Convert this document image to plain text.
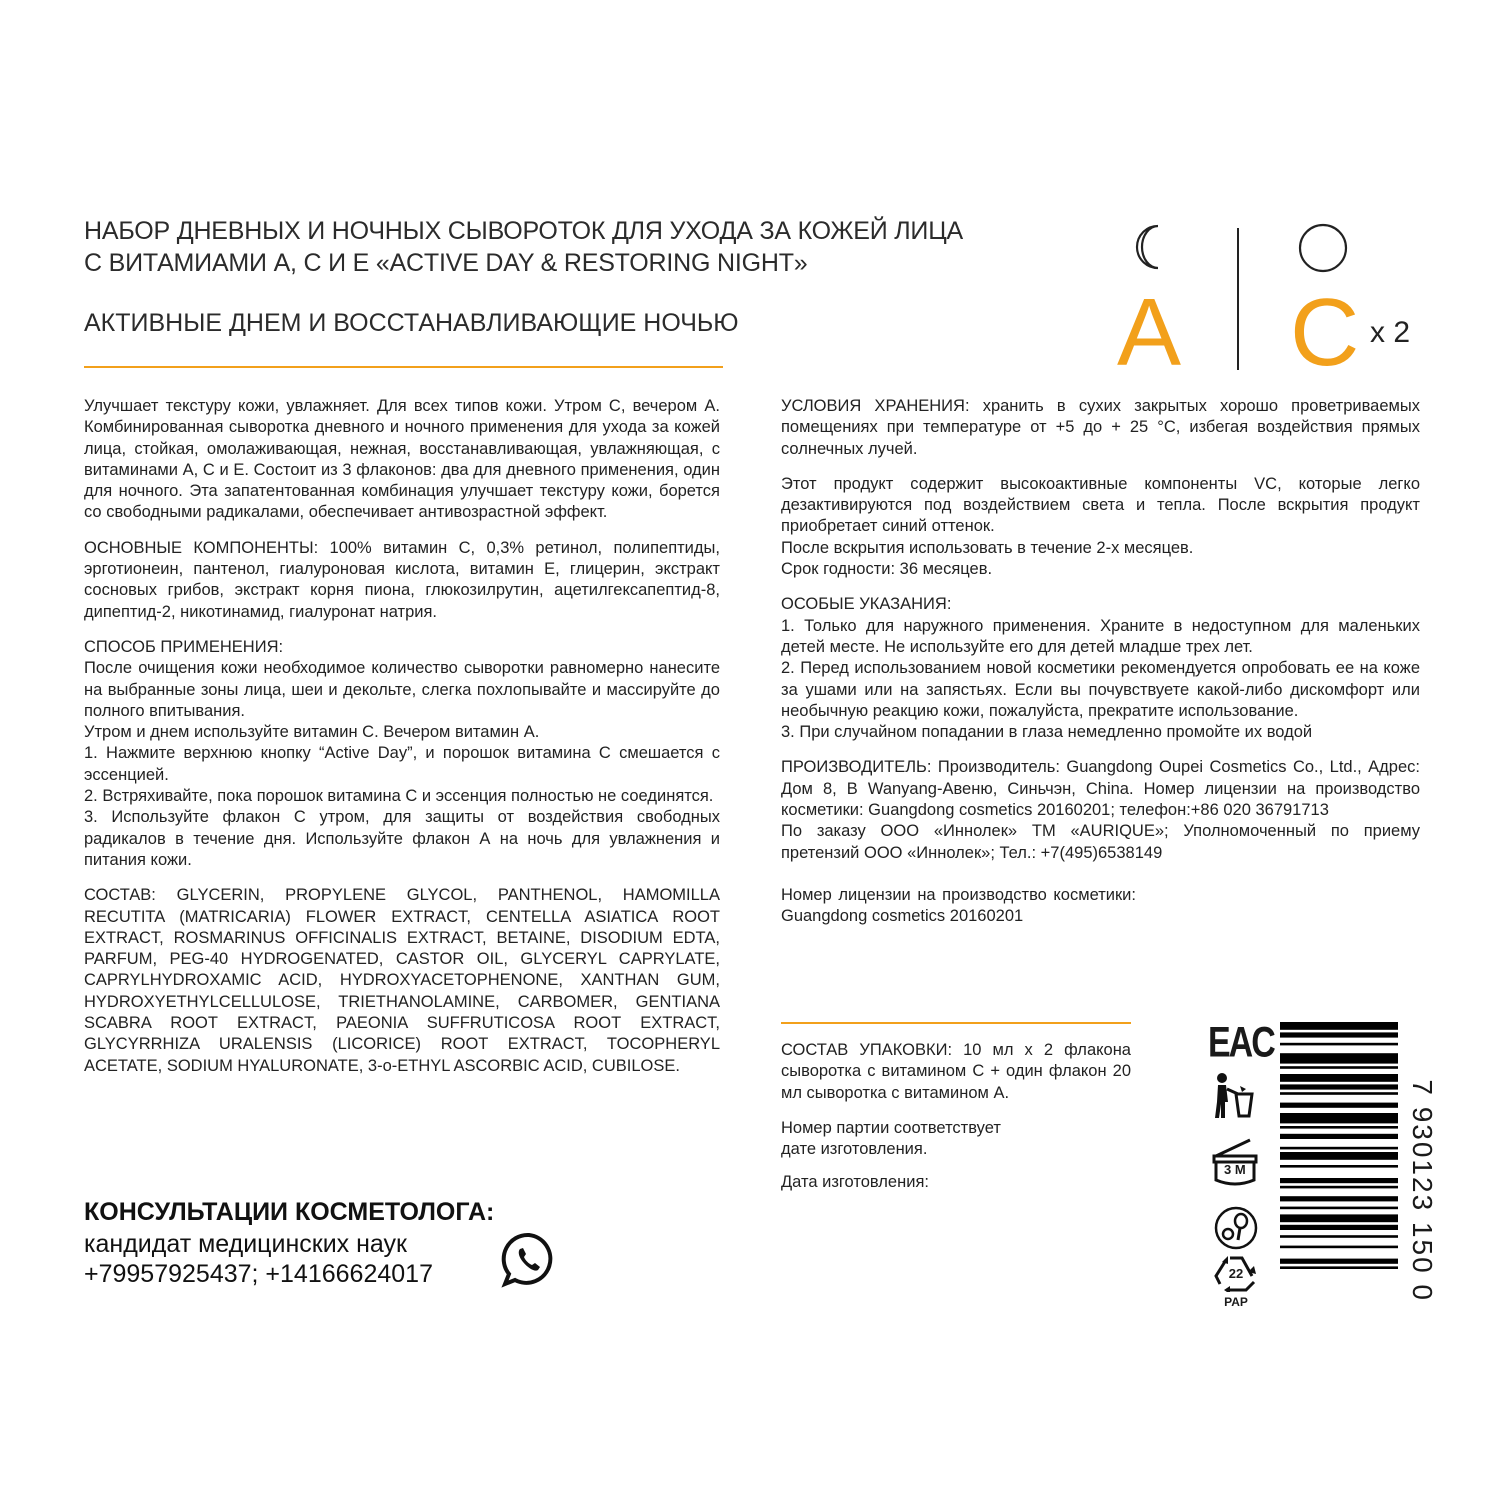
НАБОР ДНЕВНЫХ И НОЧНЫХ СЫВОРОТОК ДЛЯ УХОДА ЗА КОЖЕЙ ЛИЦА
С ВИТАМИАМИ А, С И Е «ACTIVE DAY & RESTORING NIGHT»
АКТИВНЫЕ ДНЕМ И ВОССТАНАВЛИВАЮЩИЕ НОЧЬЮ	A C x 2

Улучшает текстуру кожи, увлажняет. Для всех типов кожи. Утром С, вечером А. Комбинированная сыворотка дневного и ночного применения для ухода за кожей лица, стойкая, омолаживающая, нежная, восстанавливающая, увлажняющая, с витаминами А, С и Е. Состоит из 3 флаконов: два для дневного применения, один для ночного. Эта запатентованная комбинация улучшает текстуру кожи, борется со свободными радикалами, обеспечивает антивозрастной эффект.

ОСНОВНЫЕ КОМПОНЕНТЫ: 100% витамин С, 0,3% ретинол, полипептиды, эрготионеин, пантенол, гиалуроновая кислота, витамин Е, глицерин, экстракт сосновых грибов, экстракт корня пиона, глюкозилрутин, ацетилгексапептид-8, дипептид-2, никотинамид, гиалуронат натрия.

СПОСОБ ПРИМЕНЕНИЯ:
После очищения кожи необходимое количество сыворотки равномерно нанесите на выбранные зоны лица, шеи и декольте, слегка похлопывайте и массируйте до полного впитывания.
Утром и днем используйте витамин С. Вечером витамин А.
1. Нажмите верхнюю кнопку “Active Day”, и порошок витамина С смешается с эссенцией.
2. Встряхивайте, пока порошок витамина С и эссенция полностью не соединятся.
3. Используйте флакон С утром, для защиты от воздействия свободных радикалов в течение дня. Используйте флакон А на ночь для увлажнения и питания кожи.

СОСТАВ: GLYCERIN, PROPYLENE GLYCOL, PANTHENOL, HAMOMILLA RECUTITA (MATRICARIA) FLOWER EXTRACT, CENTELLA ASIATICA ROOT EXTRACT, ROSMARINUS OFFICINALIS EXTRACT, BETAINE, DISODIUM EDTA, PARFUM, PEG-40 HYDROGENATED, CASTOR OIL, GLYCERYL CAPRYLATE, CAPRYLHYDROXAMIC ACID, HYDROXYACETOPHENONE, XANTHAN GUM, HYDROXYETHYLCELLULOSE, TRIETHANOLAMINE, CARBOMER, GENTIANA SCABRA ROOT EXTRACT, PAEONIA SUFFRUTICOSA ROOT EXTRACT, GLYCYRRHIZA URALENSIS (LICORICE) ROOT EXTRACT, TOCOPHERYL ACETATE, SODIUM HYALURONATE, 3-o-ETHYL ASCORBIC ACID, CUBILOSE.

КОНСУЛЬТАЦИИ КОСМЕТОЛОГА:
кандидат медицинских наук
+79957925437; +14166624017

УСЛОВИЯ ХРАНЕНИЯ: хранить в сухих закрытых хорошо проветриваемых помещениях при температуре от +5 до + 25 °С, избегая воздействия прямых солнечных лучей.

Этот продукт содержит высокоактивные компоненты VC, которые легко дезактивируются под воздействием света и тепла. После вскрытия продукт приобретает синий оттенок.
После вскрытия использовать в течение 2-х месяцев.
Срок годности: 36 месяцев.

ОСОБЫЕ УКАЗАНИЯ:
1. Только для наружного применения. Храните в недоступном для маленьких детей месте. Не используйте его для детей младше трех лет.
2. Перед использованием новой косметики рекомендуется опробовать ее на коже за ушами или на запястьях. Если вы почувствуете какой-либо дискомфорт или необычную реакцию кожи, пожалуйста, прекратите использование.
3. При случайном попадании в глаза немедленно промойте их водой

ПРОИЗВОДИТЕЛЬ: Производитель: Guangdong Oupei Cosmetics Co., Ltd., Адрес: Дом 8, В Wanyang-Авеню, Синьчэн, China. Номер лицензии на производство косметики: Guangdong cosmetics 20160201; телефон:+86 020 36791713

По заказу ООО «Иннолек» ТМ «AURIQUE»; Уполномоченный по приему претензий ООО «Иннолек»; Тел.: +7(495)6538149

Номер лицензии на производство косметики: Guangdong cosmetics 20160201

СОСТАВ УПАКОВКИ: 10 мл х 2 флакона сыворотка с витамином С + один флакон 20 мл сыворотка с витамином А.

Номер партии соответствует
дате изготовления.

Дата изготовления:

EAC
3 M
22
PAP	7 930123 150 0
